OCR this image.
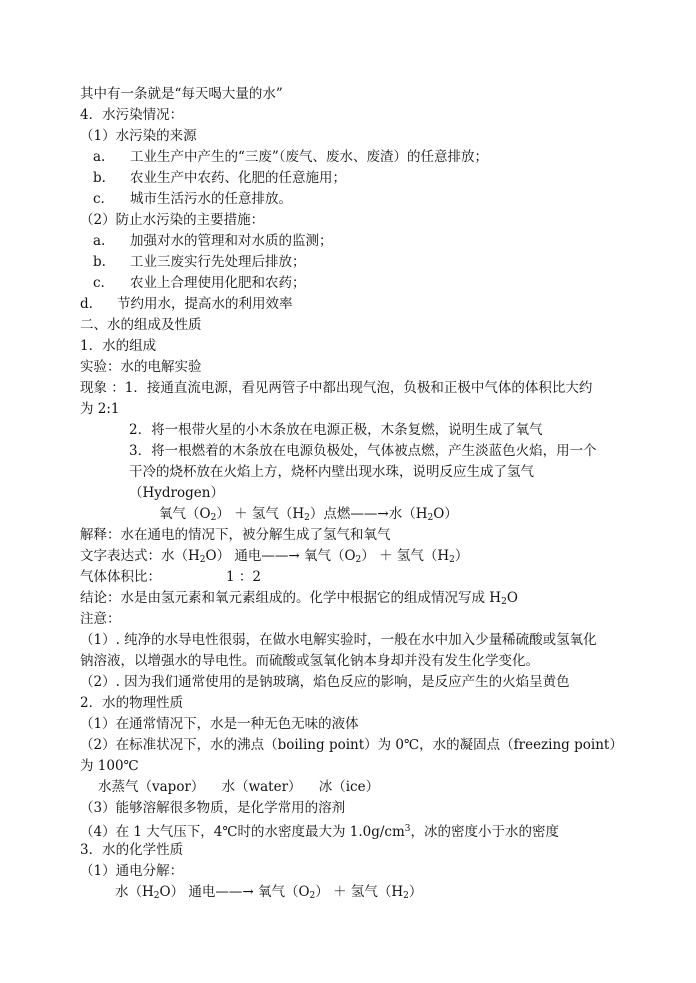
其中有一条就是“每天喝大量的水”
4．水污染情况：
（1）水污染的来源
a. 工业生产中产生的“三废”（废气、废水、废渣）的任意排放；
b. 农业生产中农药、化肥的任意施用；
c. 城市生活污水的任意排放。
（2）防止水污染的主要措施：
a. 加强对水的管理和对水质的监测；
b. 工业三废实行先处理后排放；
c. 农业上合理使用化肥和农药；
d. 节约用水，提高水的利用效率
二、水的组成及性质
1．水的组成
实验：水的电解实验
现象 ：1．接通直流电源，看见两管子中都出现气泡，负极和正极中气体的体积比大约
为 2:1
2．将一根带火星的小木条放在电源正极，木条复燃，说明生成了氧气
3．将一根燃着的木条放在电源负极处，气体被点燃，产生淡蓝色火焰，用一个
干冷的烧杯放在火焰上方，烧杯内壁出现水珠，说明反应生成了氢气
（Hydrogen）
氧气$(O_2)$ ＋ 氢气$(H_2)$点燃——→水$(H_2O)$
解释：水在通电的情况下，被分解生成了氢气和氧气
文字表达式：水$(H_2O)$ 通电——→ 氧气$(O_2)$ ＋ 氢气$(H_2)$
气体体积比：	1 ：2
结论：水是由氢元素和氧元素组成的。化学中根据它的组成情况写成 $H_2O$
注意：
（1）. 纯净的水导电性很弱，在做水电解实验时，一般在水中加入少量稀硫酸或氢氧化
钠溶液，以增强水的导电性。而硫酸或氢氧化钠本身却并没有发生化学变化。
（2）. 因为我们通常使用的是钠玻璃，焰色反应的影响，是反应产生的火焰呈黄色
2．水的物理性质
（1）在通常情况下，水是一种无色无味的液体
（2）在标准状况下，水的沸点（boiling point）为 0℃，水的凝固点（freezing point）
为 100℃
水蒸气（vapor）    水（water）    冰（ice）
（3）能够溶解很多物质，是化学常用的溶剂
（4）在 1 大气压下，4℃时的水密度最大为 $1.0g/cm^3$，冰的密度小于水的密度
3．水的化学性质
（1）通电分解：
水$(H_2O)$ 通电——→ 氧气$(O_2)$ ＋ 氢气$(H_2)$
